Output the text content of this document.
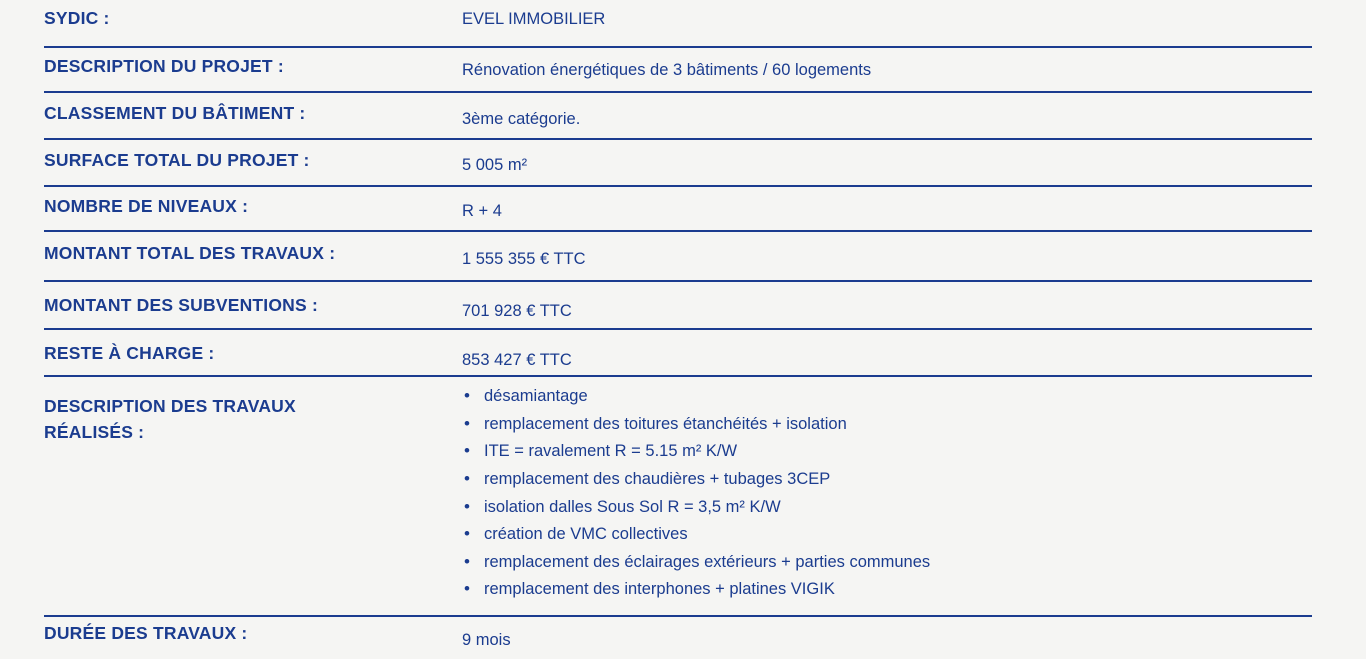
SYDIC :	EVEL IMMOBILIER
DESCRIPTION DU PROJET :	Rénovation énergétiques de 3 bâtiments / 60 logements
CLASSEMENT DU BÂTIMENT :	3ème catégorie.
SURFACE TOTAL DU PROJET :	5 005 m²
NOMBRE DE NIVEAUX :	R + 4
MONTANT TOTAL DES TRAVAUX :	1 555 355 € TTC
MONTANT DES SUBVENTIONS :	701 928 € TTC
RESTE À CHARGE :	853 427 € TTC
DESCRIPTION DES TRAVAUX
RÉALISÉS :
• désamiantage
• remplacement des toitures étanchéités + isolation
• ITE = ravalement R = 5.15 m² K/W
• remplacement des chaudières + tubages 3CEP
• isolation dalles Sous Sol R = 3,5 m² K/W
• création de VMC collectives
• remplacement des éclairages extérieurs + parties communes
• remplacement des interphones + platines VIGIK
DURÉE DES TRAVAUX :	9 mois
